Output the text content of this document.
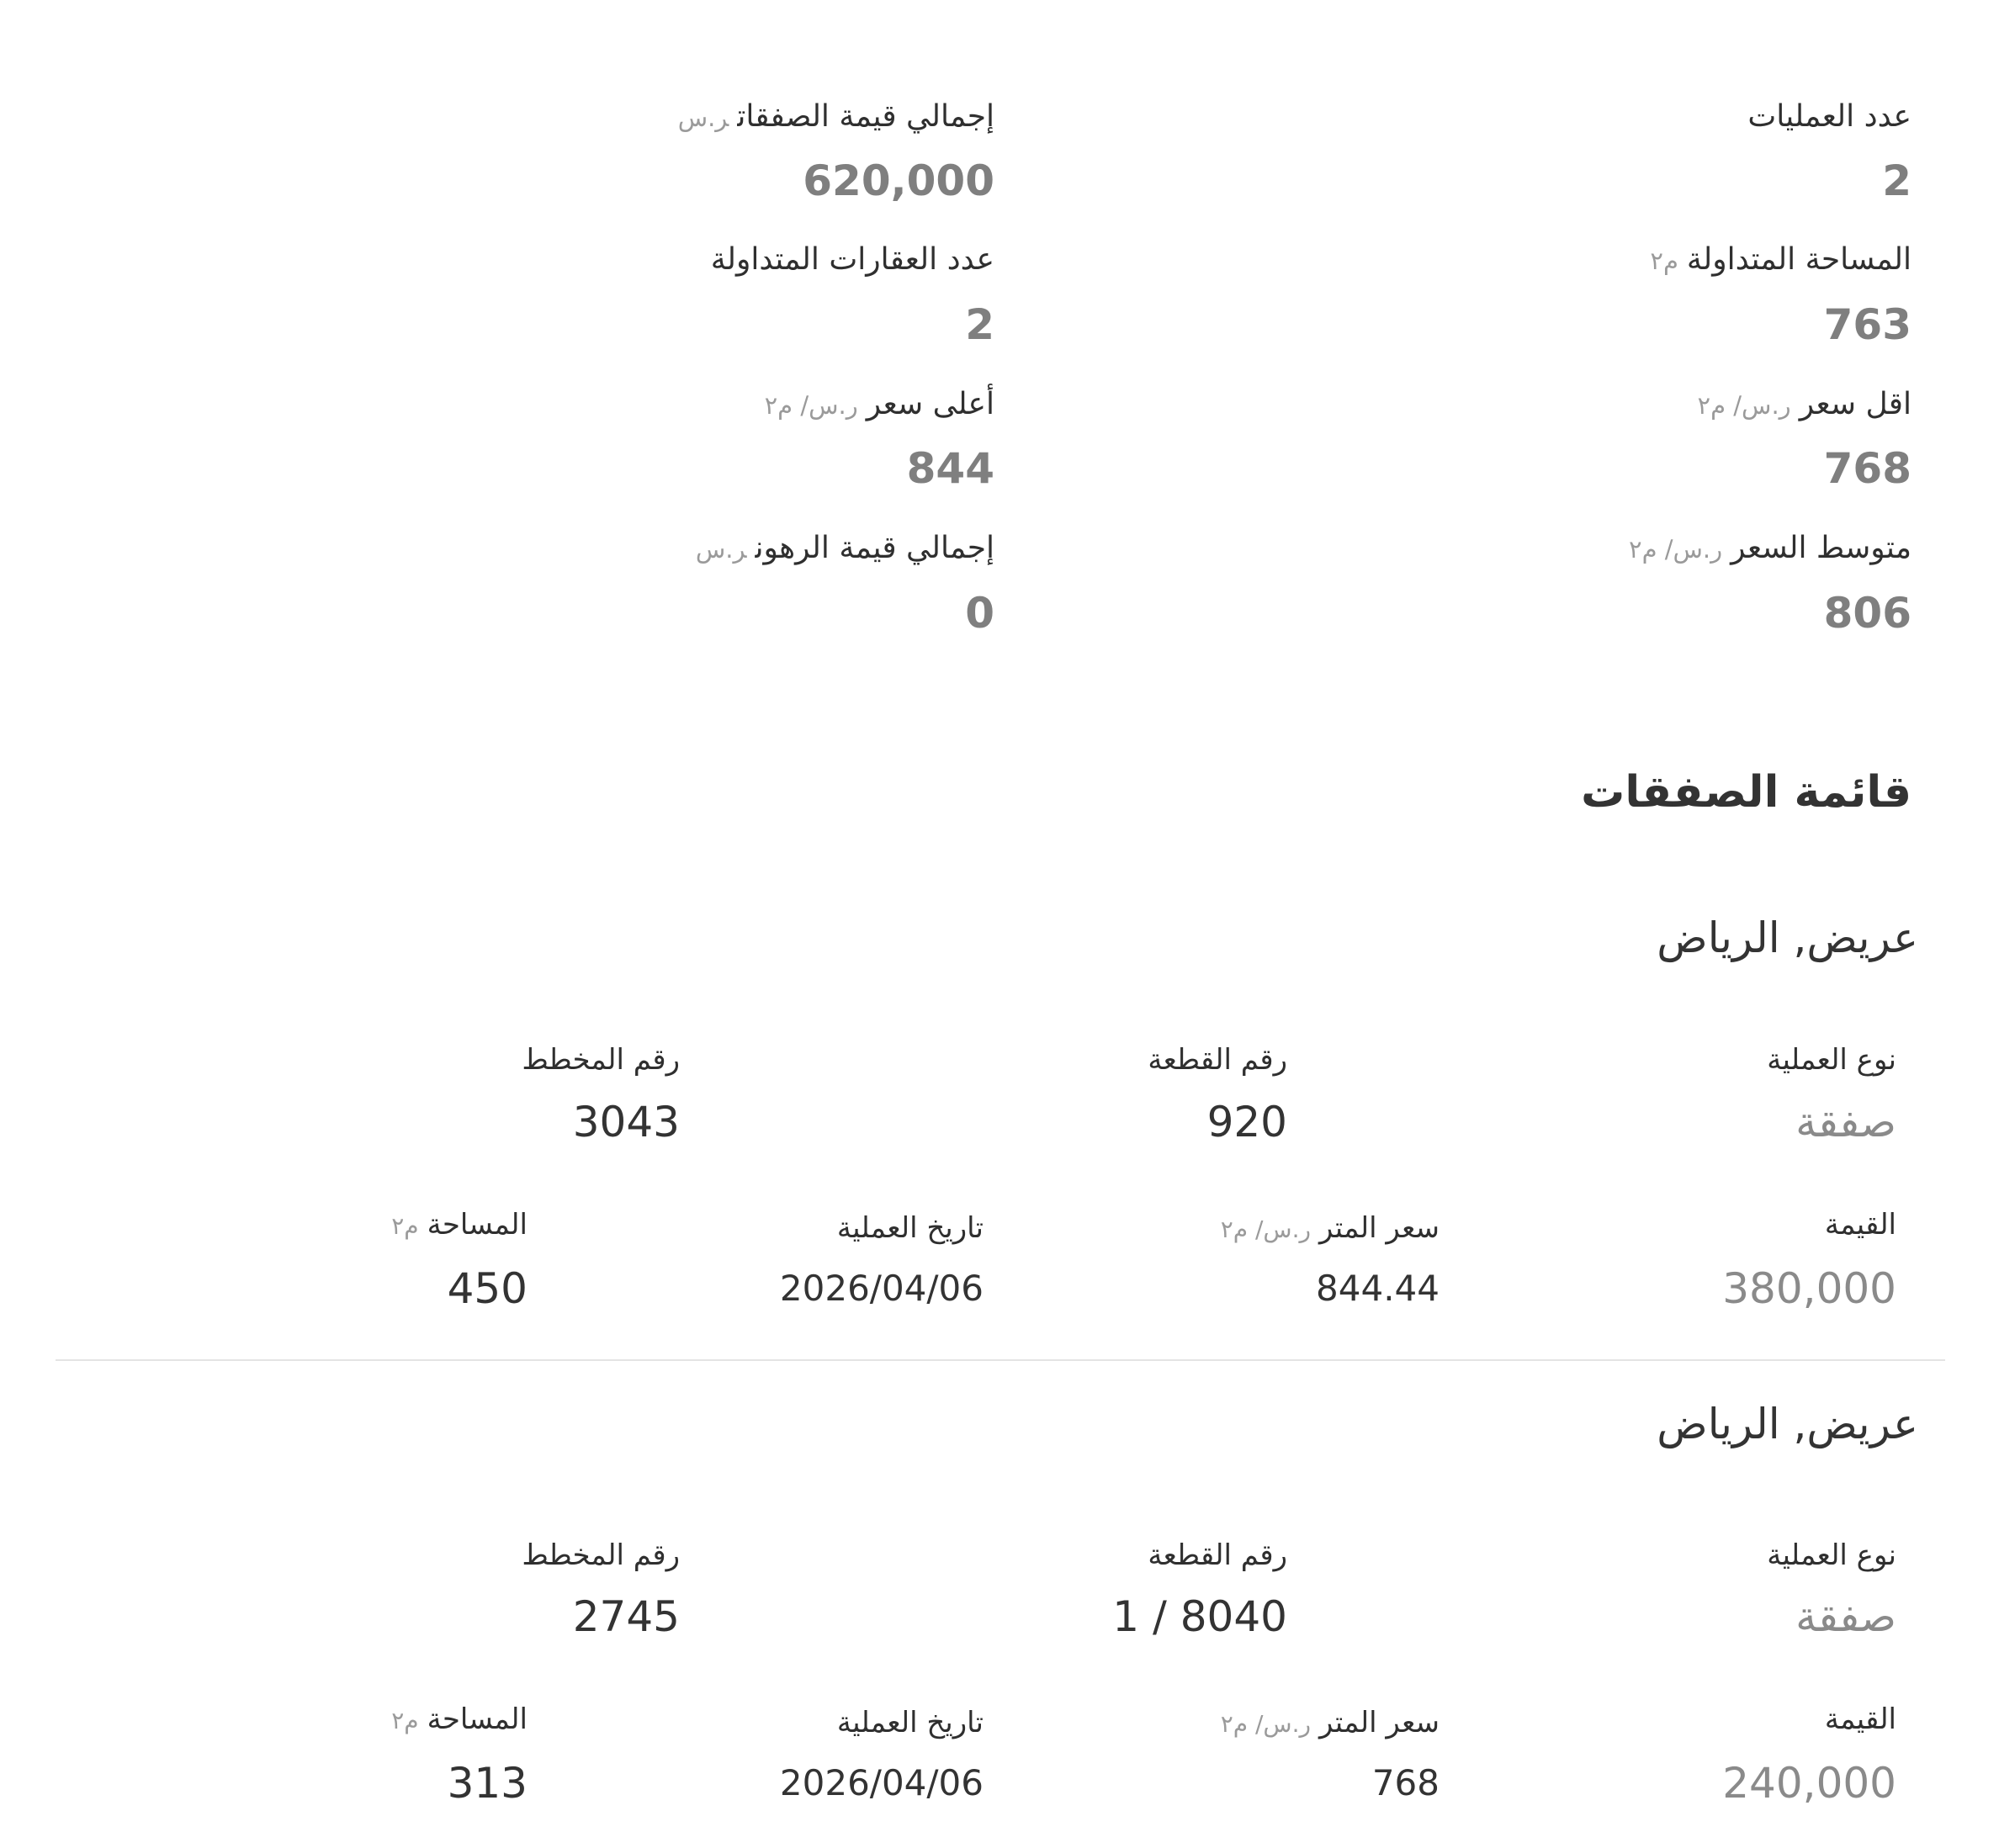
عدد العمليات
2
المساحة المتداولةم٢
763
اقل سعرر.س/ م٢
768
متوسط السعرر.س/ م٢
806
إجمالي قيمة الصفقاتر.س
620,000
عدد العقارات المتداولة
2
أعلى سعرر.س/ م٢
844
إجمالي قيمة الرهونر.س
0
قائمة الصفقات
عريض, الرياض
نوع العملية
صفقة
رقم القطعة
920
رقم المخطط
3043
القيمة
380,000
سعر المترر.س/ م٢
844.44
تاريخ العملية
2026/04/06
المساحةم٢
450
عريض, الرياض
نوع العملية
صفقة
رقم القطعة
1 / 8040
رقم المخطط
2745
القيمة
240,000
سعر المترر.س/ م٢
768
تاريخ العملية
2026/04/06
المساحةم٢
313
